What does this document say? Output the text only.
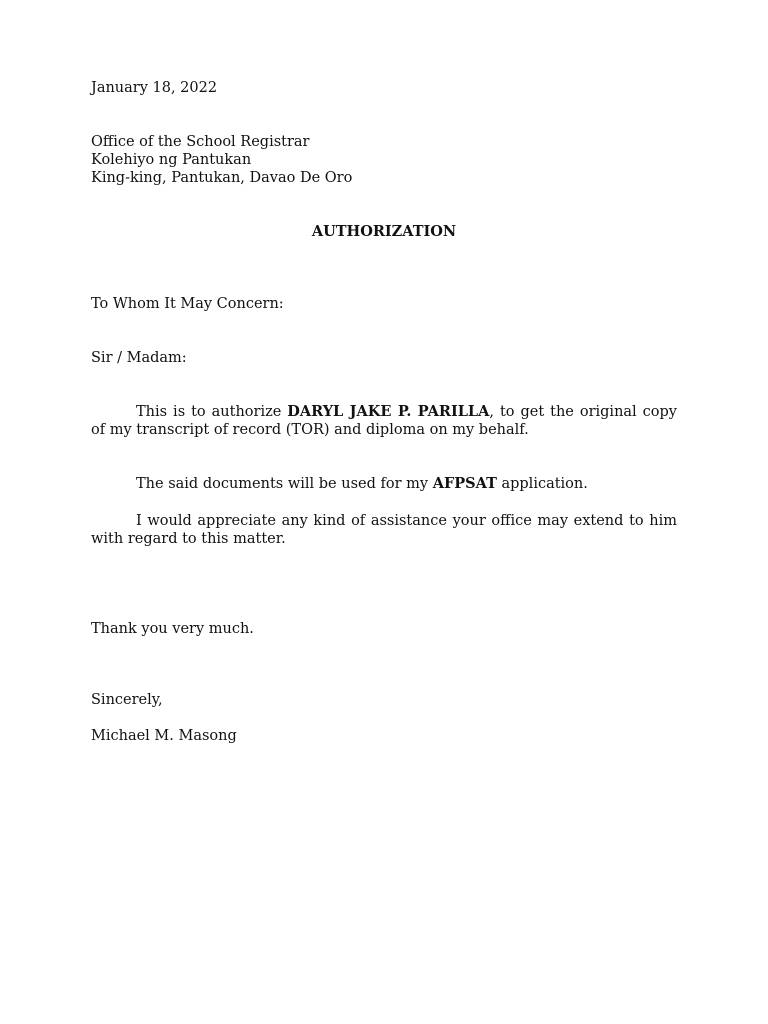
January 18, 2022

Office of the School Registrar
Kolehiyo ng Pantukan
King-king, Pantukan, Davao De Oro

AUTHORIZATION

To Whom It May Concern:

Sir / Madam:

This is to authorize DARYL JAKE P. PARILLA, to get the original copy of my transcript of record (TOR) and diploma on my behalf.

The said documents will be used for my AFPSAT application.

I would appreciate any kind of assistance your office may extend to him with regard to this matter.

Thank you very much.

Sincerely,

Michael M. Masong
